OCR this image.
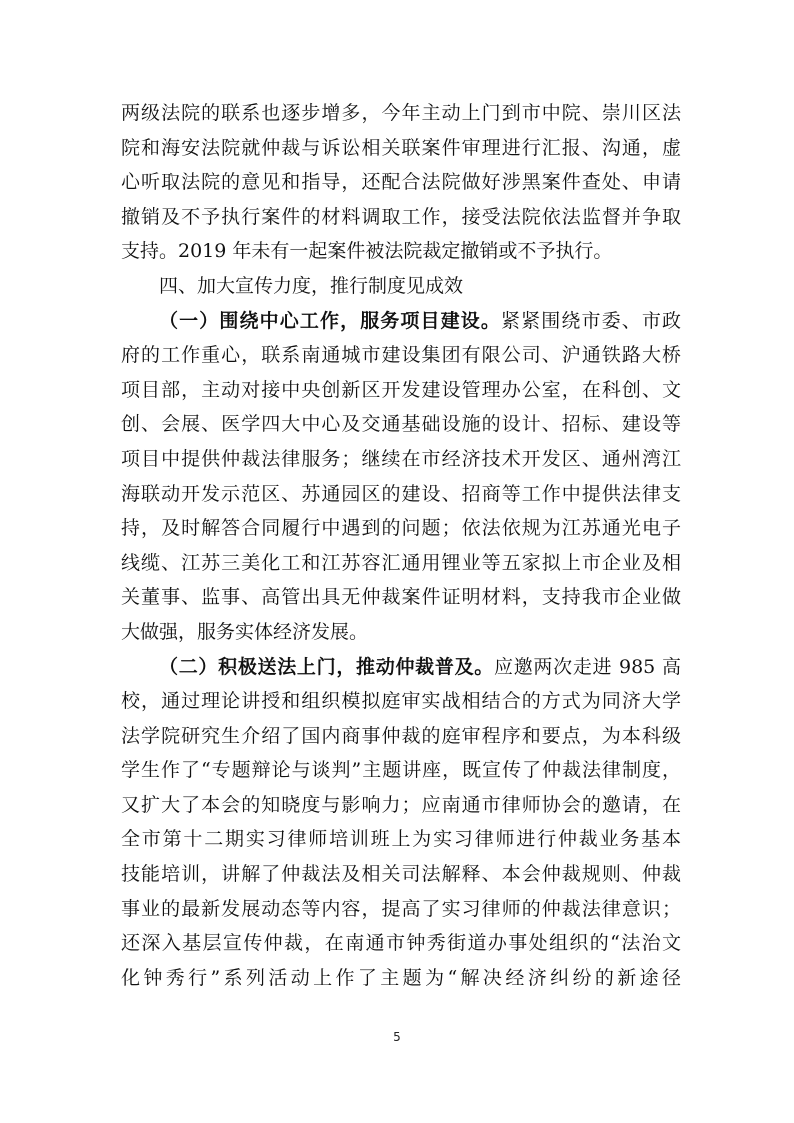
两级法院的联系也逐步增多，今年主动上门到市中院、崇川区法
院和海安法院就仲裁与诉讼相关联案件审理进行汇报、沟通，虚
心听取法院的意见和指导，还配合法院做好涉黑案件查处、申请
撤销及不予执行案件的材料调取工作，接受法院依法监督并争取
支持。2019 年未有一起案件被法院裁定撤销或不予执行。
四、加大宣传力度，推行制度见成效
（一）围绕中心工作，服务项目建设。紧紧围绕市委、市政
府的工作重心，联系南通城市建设集团有限公司、沪通铁路大桥
项目部，主动对接中央创新区开发建设管理办公室，在科创、文
创、会展、医学四大中心及交通基础设施的设计、招标、建设等
项目中提供仲裁法律服务；继续在市经济技术开发区、通州湾江
海联动开发示范区、苏通园区的建设、招商等工作中提供法律支
持，及时解答合同履行中遇到的问题；依法依规为江苏通光电子
线缆、江苏三美化工和江苏容汇通用锂业等五家拟上市企业及相
关董事、监事、高管出具无仲裁案件证明材料，支持我市企业做
大做强，服务实体经济发展。
（二）积极送法上门，推动仲裁普及。应邀两次走进 985 高
校，通过理论讲授和组织模拟庭审实战相结合的方式为同济大学
法学院研究生介绍了国内商事仲裁的庭审程序和要点，为本科级
学生作了“专题辩论与谈判”主题讲座，既宣传了仲裁法律制度，
又扩大了本会的知晓度与影响力；应南通市律师协会的邀请，在
全市第十二期实习律师培训班上为实习律师进行仲裁业务基本
技能培训，讲解了仲裁法及相关司法解释、本会仲裁规则、仲裁
事业的最新发展动态等内容，提高了实习律师的仲裁法律意识；
还深入基层宣传仲裁，在南通市钟秀街道办事处组织的“法治文
化钟秀行”系列活动上作了主题为“解决经济纠纷的新途径
5
